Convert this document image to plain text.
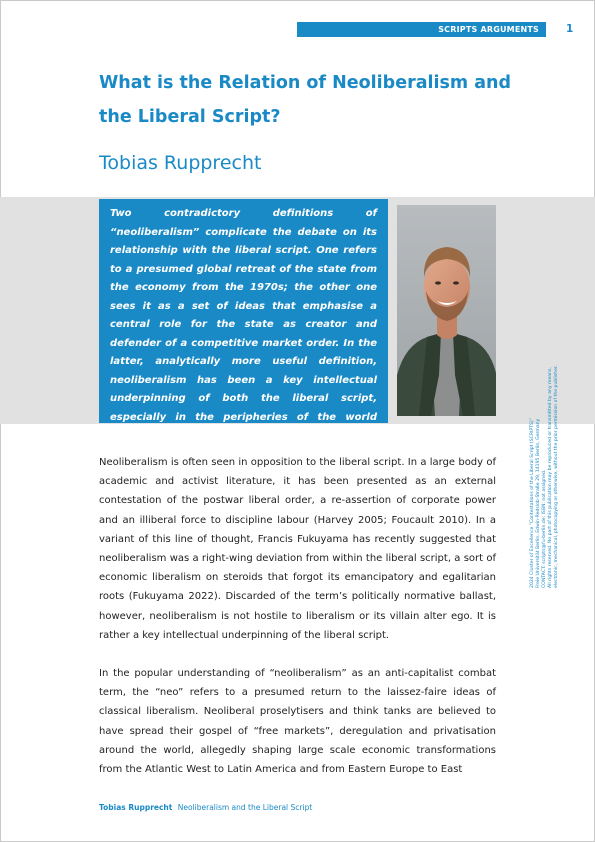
SCRIPTS ARGUMENTS	1
What is the Relation of Neoliberalism and the Liberal Script?
Tobias Rupprecht

Two contradictory definitions of “neoliberalism” complicate the debate on its relationship with the liberal script. One refers to a presumed global retreat of the state from the economy from the 1970s; the other one sees it as a set of ideas that emphasise a central role for the state as creator and defender of a competitive market order. In the latter, analytically more useful definition, neoliberalism has been a key intellectual underpinning of both the liberal script, especially in the peripheries of the world economy, and some of its most powerful contestations in the West.

Neoliberalism is often seen in opposition to the liberal script. In a large body of academic and activist literature, it has been presented as an external contestation of the postwar liberal order, a re-assertion of corporate power and an illiberal force to discipline labour (Harvey 2005; Foucault 2010). In a variant of this line of thought, Francis Fukuyama has recently suggested that neoliberalism was a right-wing deviation from within the liberal script, a sort of economic liberalism on steroids that forgot its emancipatory and egalitarian roots (Fukuyama 2022). Discarded of the term’s politically normative ballast, however, neoliberalism is not hostile to liberalism or its villain alter ego. It is rather a key intellectual underpinning of the liberal script.

In the popular understanding of “neoliberalism” as an anti-capitalist combat term, the “neo” refers to a presumed return to the laissez-faire ideas of classical liberalism. Neoliberal proselytisers and think tanks are believed to have spread their gospel of “free markets”, deregulation and privatisation around the world, allegedly shaping large scale economic transformations from the Atlantic West to Latin America and from Eastern Europe to East

2024 Cluster of Excellence “Contestations of the Liberal Script (SCRIPTS)” Freie Universität Berlin, Edwin-Redslob-Straße 29, 14195 Berlin, Germany CONTACT: scripts@fu-berlin.de; ISBN: not assigned. All rights reserved. No part of this publication may be reproduced or transmitted by any means, electronic, mechanical, photocopying or otherwise, without the prior permission of the publisher.
Tobias Rupprecht Neoliberalism and the Liberal Script
